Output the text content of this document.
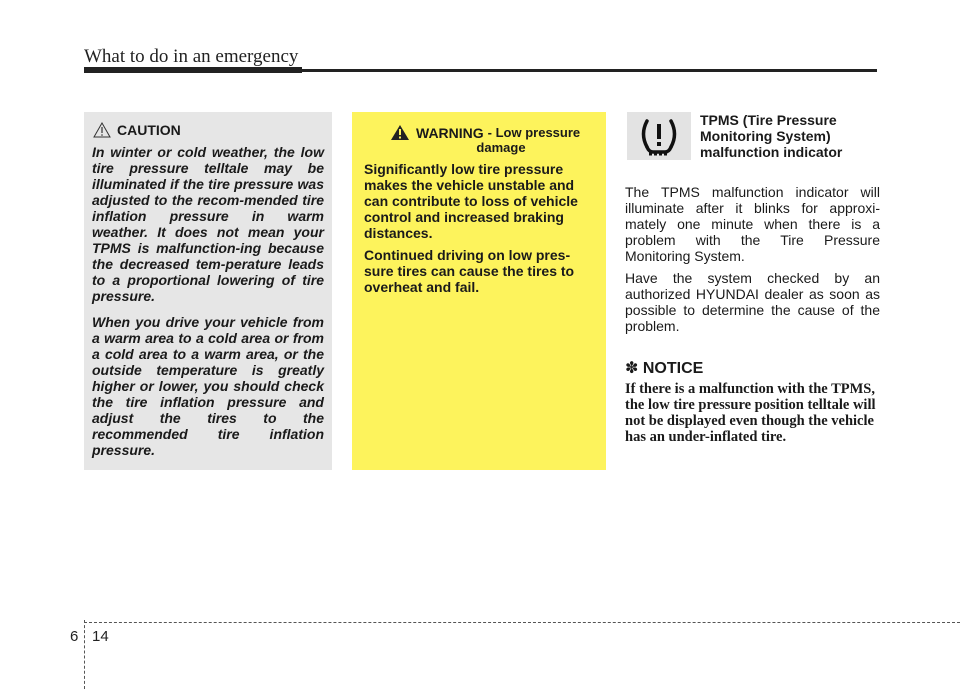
What to do in an emergency
CAUTION

In winter or cold weather, the low tire pressure telltale may be illuminated if the tire pressure was adjusted to the recom-mended tire inflation pressure in warm weather. It does not mean your TPMS is malfunction-ing because the decreased tem-perature leads to a proportional lowering of tire pressure.

When you drive your vehicle from a warm area to a cold area or from a cold area to a warm area, or the outside temperature is greatly higher or lower, you should check the tire inflation pressure and adjust the tires to the recommended tire inflation pressure.

WARNING - Low pressure
damage

Significantly low tire pressure makes the vehicle unstable and can contribute to loss of vehicle control and increased braking distances.

Continued driving on low pres-sure tires can cause the tires to overheat and fail.

TPMS (Tire Pressure Monitoring System) malfunction indicator
The TPMS malfunction indicator will illuminate after it blinks for approxi-mately one minute when there is a problem with the Tire Pressure Monitoring System.
Have the system checked by an authorized HYUNDAI dealer as soon as possible to determine the cause of the problem.
✽ NOTICE
If there is a malfunction with the TPMS, the low tire pressure position telltale will not be displayed even though the vehicle has an under-inflated tire.
6 14
